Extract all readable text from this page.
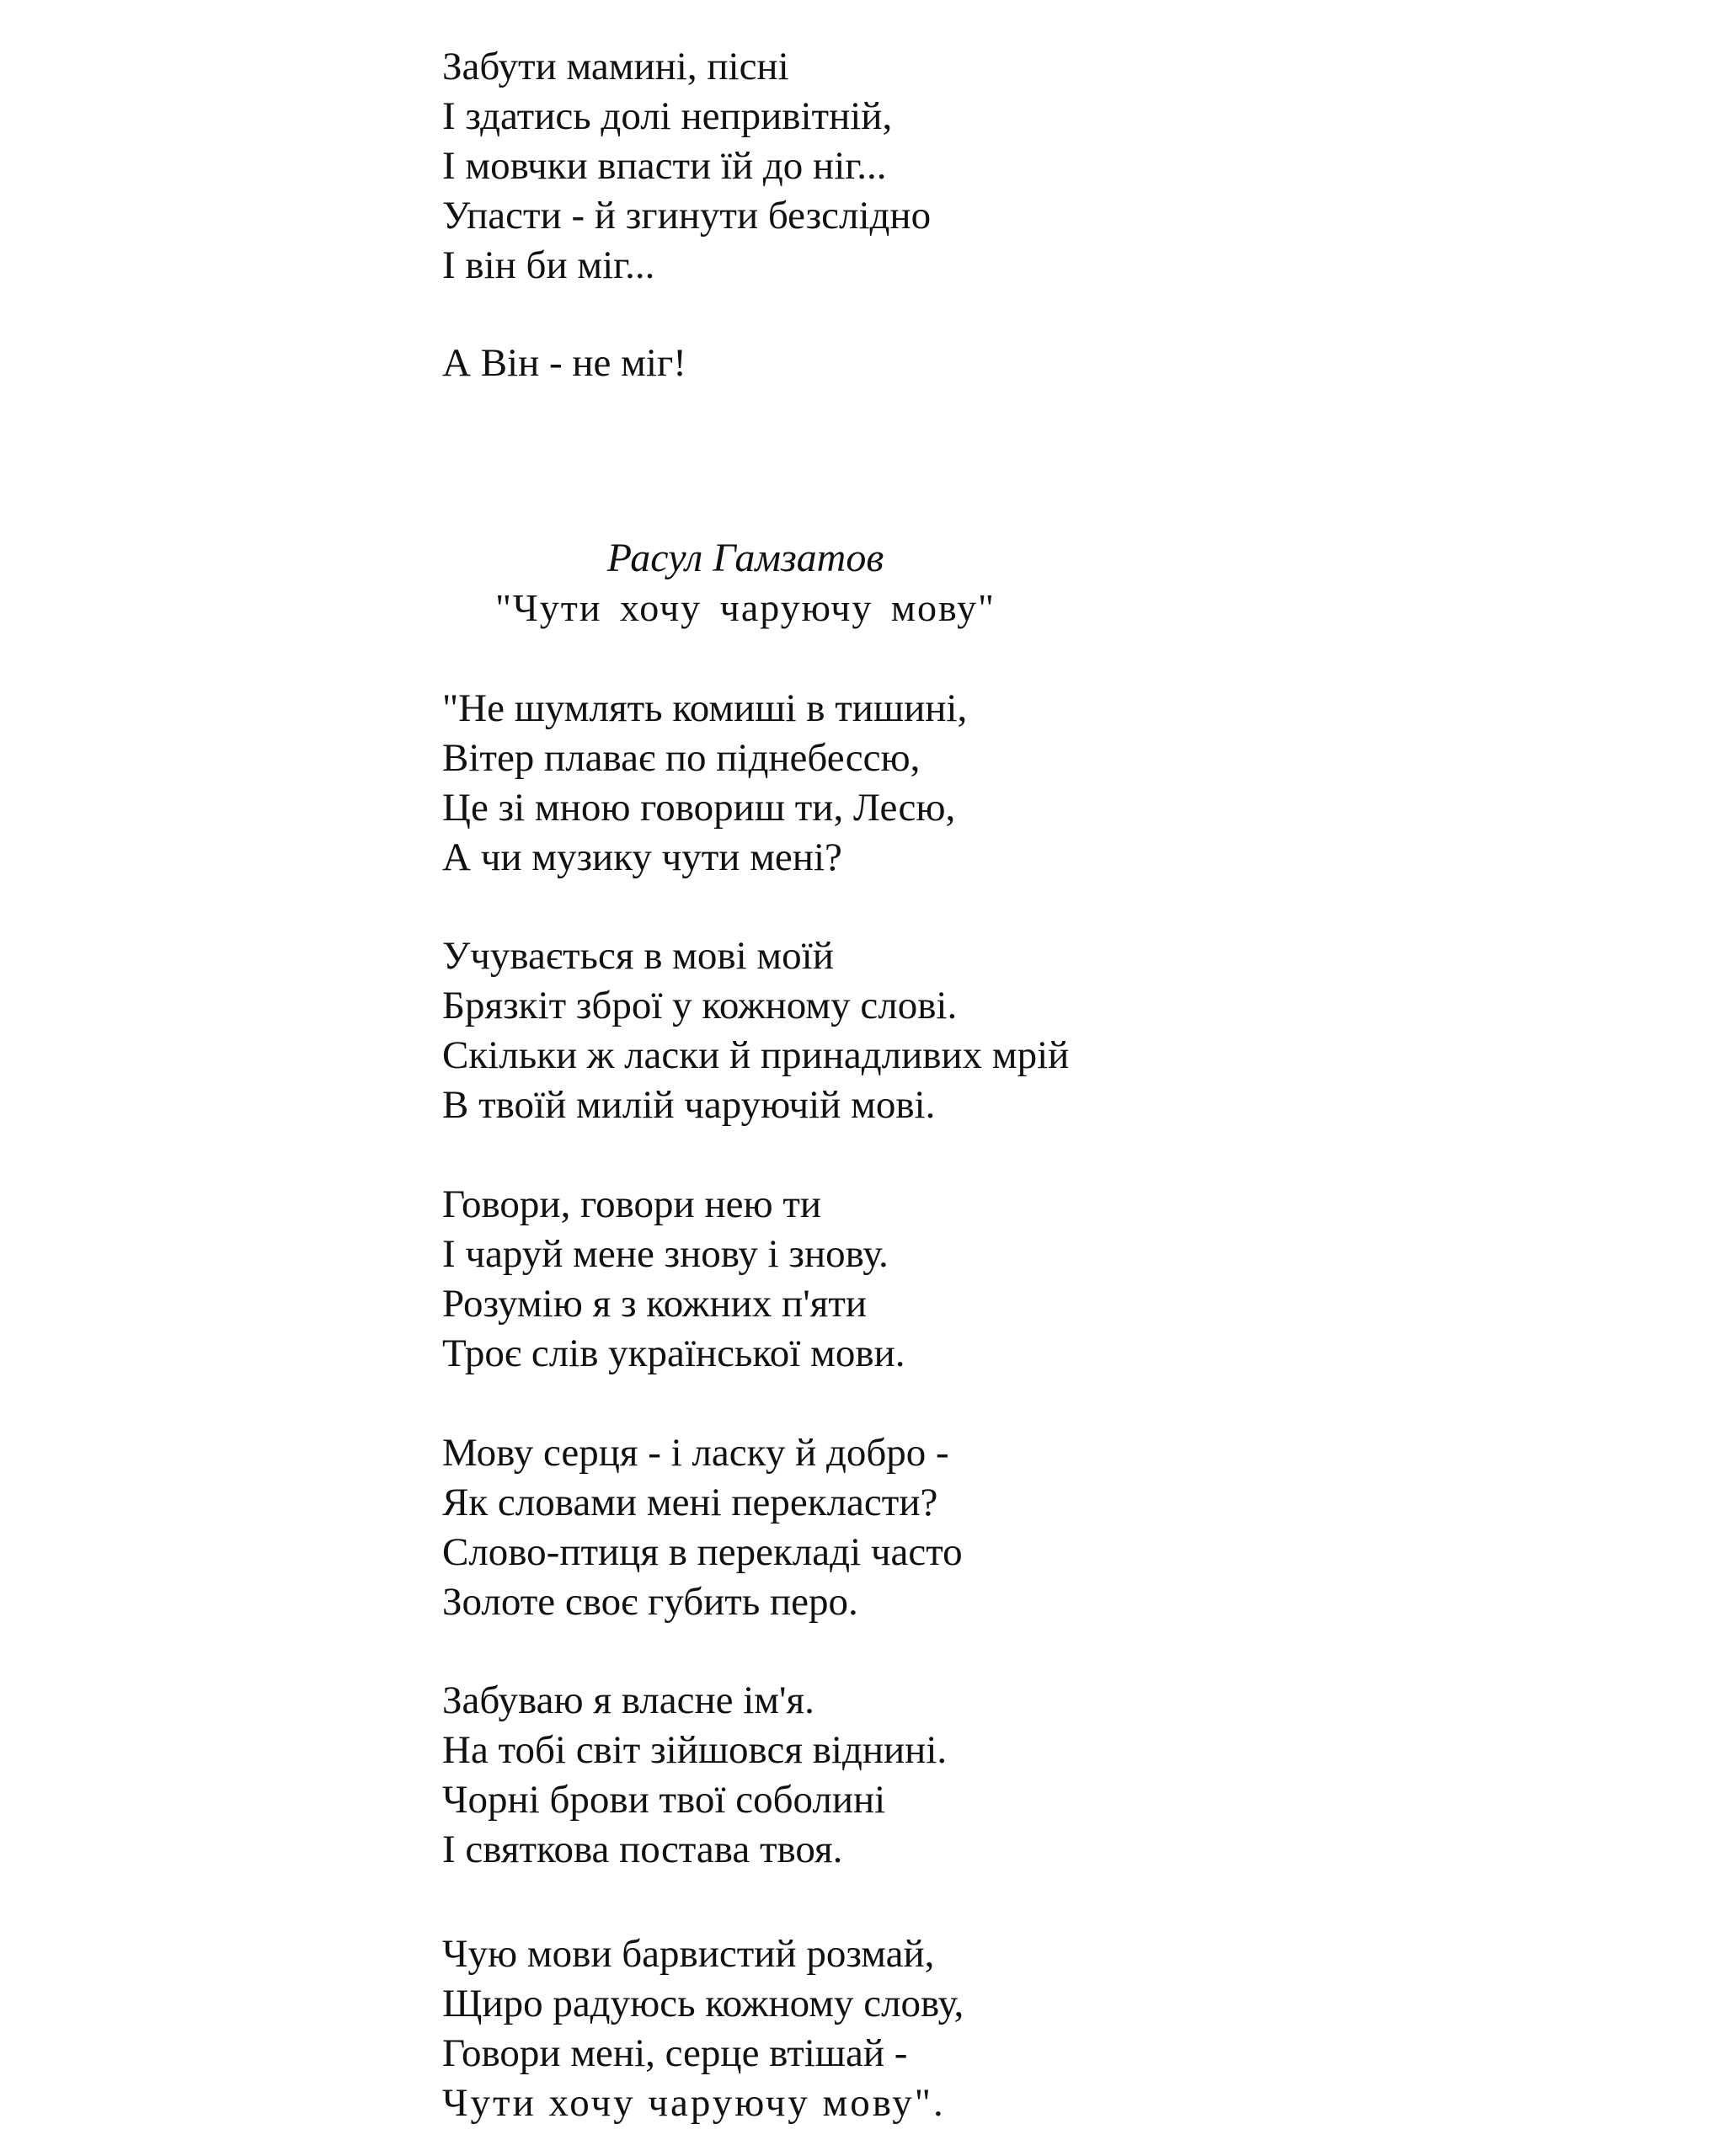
Забути мамині, пісні
І здатись долі непривітній,
І мовчки впасти їй до ніг...
Упасти - й згинути безслідно
І він би міг...
А Він - не міг!
Расул Гамзатов
"Чути хочу чаруючу мову"
"Не шумлять комиші в тишині,
Вітер плаває по піднебессю,
Це зі мною говориш ти, Лесю,
А чи музику чути мені?
Учувається в мові моїй
Брязкіт зброї у кожному слові.
Скільки ж ласки й принадливих мрій
В твоїй милій чаруючій мові.
Говори, говори нею ти
І чаруй мене знову і знову.
Розумію я з кожних п'яти
Троє слів української мови.
Мову серця - і ласку й добро -
Як словами мені перекласти?
Слово-птиця в перекладі часто
Золоте своє губить перо.
Забуваю я власне ім'я.
На тобі світ зійшовся віднині.
Чорні брови твої соболині
І святкова постава твоя.
Чую мови барвистий розмай,
Щиро радуюсь кожному слову,
Говори мені, серце втішай -
Чути хочу чаруючу мову".
